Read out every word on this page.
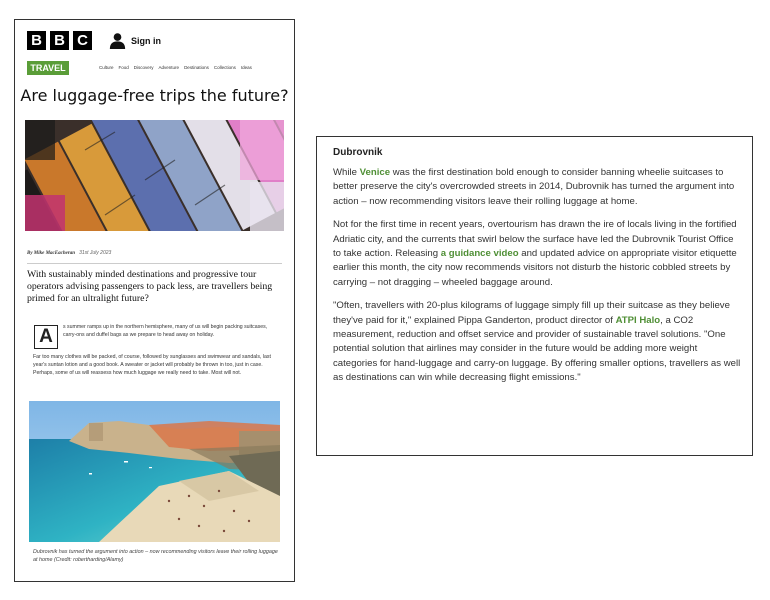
B B C	Sign in
TRAVEL	Culture Food Discovery Adventure Destinations Collections Ideas
Are luggage-free trips the future?
By Mike MacEacheran 31st July 2023
With sustainably minded destinations and progressive tour operators advising passengers to pack less, are travellers being primed for an ultralight future?
A	s summer ramps up in the northern hemisphere, many of us will begin packing suitcases, carry-ons and duffel bags as we prepare to head away on holiday.
Far too many clothes will be packed, of course, followed by sunglasses and swimwear and sandals, last year's suntan lotion and a good book. A sweater or jacket will probably be thrown in too, just in case. Perhaps, some of us will reassess how much luggage we really need to take. Most will not.
Dubrovnik has turned the argument into action – now recommending visitors leave their rolling luggage at home (Credit: robertharding/Alamy)
Dubrovnik

While Venice was the first destination bold enough to consider banning wheelie suitcases to better preserve the city's overcrowded streets in 2014, Dubrovnik has turned the argument into action – now recommending visitors leave their rolling luggage at home.

Not for the first time in recent years, overtourism has drawn the ire of locals living in the fortified Adriatic city, and the currents that swirl below the surface have led the Dubrovnik Tourist Office to take action. Releasing a guidance video and updated advice on appropriate visitor etiquette earlier this month, the city now recommends visitors not disturb the historic cobbled streets by carrying – not dragging – wheeled baggage around.

"Often, travellers with 20-plus kilograms of luggage simply fill up their suitcase as they believe they've paid for it," explained Pippa Ganderton, product director of ATPI Halo, a CO2 measurement, reduction and offset service and provider of sustainable travel solutions. "One potential solution that airlines may consider in the future would be adding more weight categories for hand-luggage and carry-on luggage. By offering smaller options, travellers as well as destinations can win while decreasing flight emissions."
